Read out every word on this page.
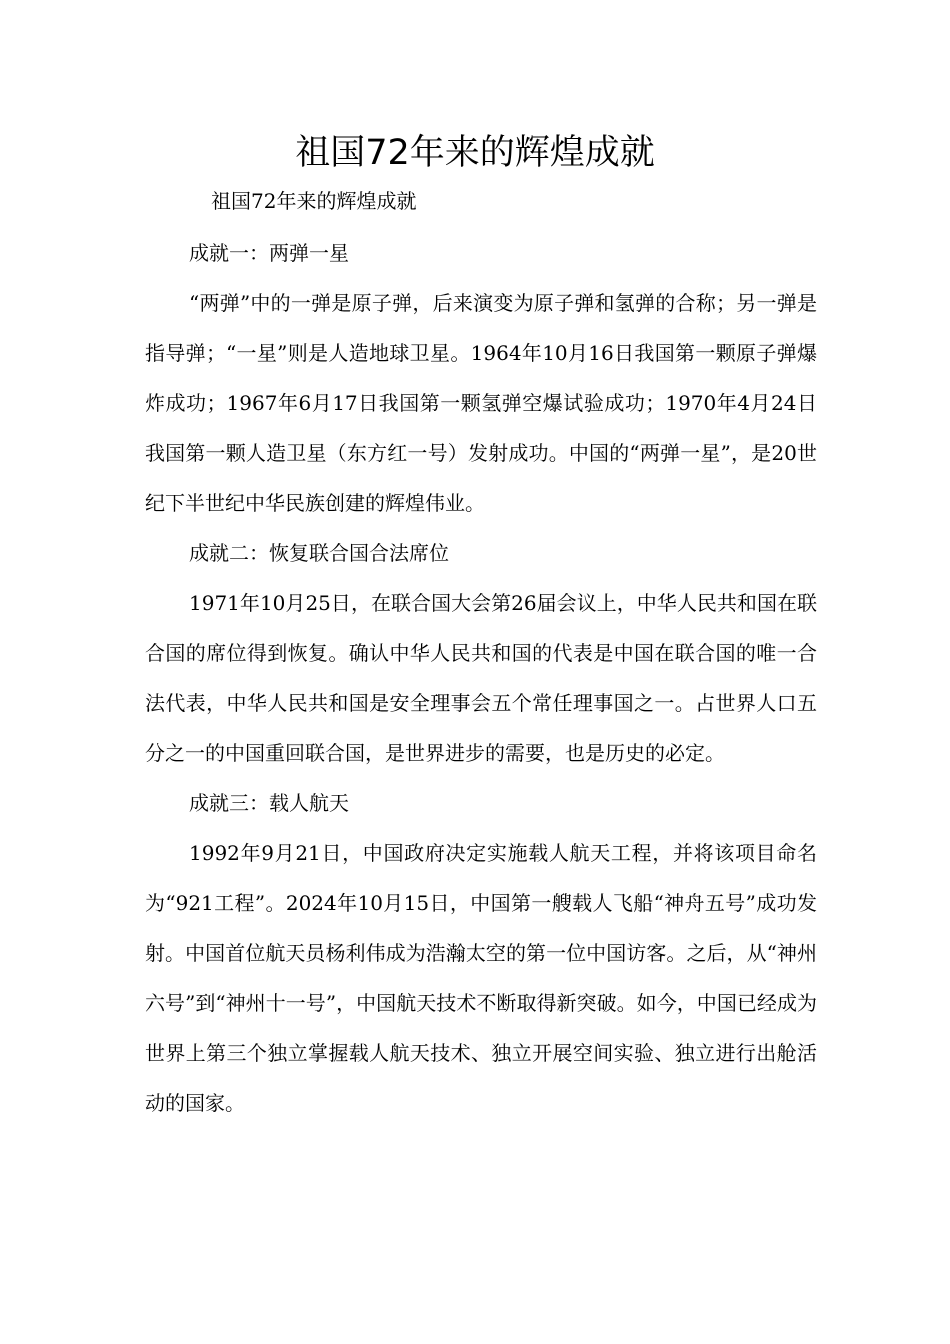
祖国72年来的辉煌成就
祖国72年来的辉煌成就

成就一：两弹一星

“两弹”中的一弹是原子弹，后来演变为原子弹和氢弹的合称；另一弹是指导弹；“一星”则是人造地球卫星。1964年10月16日我国第一颗原子弹爆炸成功；1967年6月17日我国第一颗氢弹空爆试验成功；1970年4月24日我国第一颗人造卫星（东方红一号）发射成功。中国的“两弹一星”，是20世纪下半世纪中华民族创建的辉煌伟业。

成就二：恢复联合国合法席位

1971年10月25日，在联合国大会第26届会议上，中华人民共和国在联合国的席位得到恢复。确认中华人民共和国的代表是中国在联合国的唯一合法代表，中华人民共和国是安全理事会五个常任理事国之一。占世界人口五分之一的中国重回联合国，是世界进步的需要，也是历史的必定。

成就三：载人航天

1992年9月21日，中国政府决定实施载人航天工程，并将该项目命名为“921工程”。2024年10月15日，中国第一艘载人飞船“神舟五号”成功发射。中国首位航天员杨利伟成为浩瀚太空的第一位中国访客。之后，从“神州六号”到“神州十一号”，中国航天技术不断取得新突破。如今，中国已经成为世界上第三个独立掌握载人航天技术、独立开展空间实验、独立进行出舱活动的国家。
